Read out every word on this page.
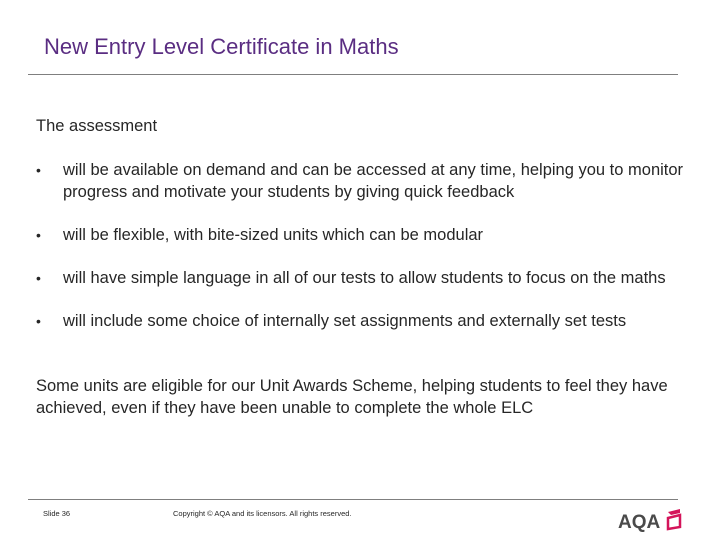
New Entry Level Certificate in Maths
The assessment
• will be available on demand and can be accessed at any time, helping you to monitor progress and motivate your students by giving quick feedback
• will be flexible, with bite-sized units which can be modular
• will have simple language in all of our tests to allow students to focus on the maths
• will include some choice of internally set assignments and externally set tests
Some units are eligible for our Unit Awards Scheme, helping students to feel they have achieved, even if they have been unable to complete the whole ELC
Slide 36	Copyright © AQA and its licensors. All rights reserved.	AQA
